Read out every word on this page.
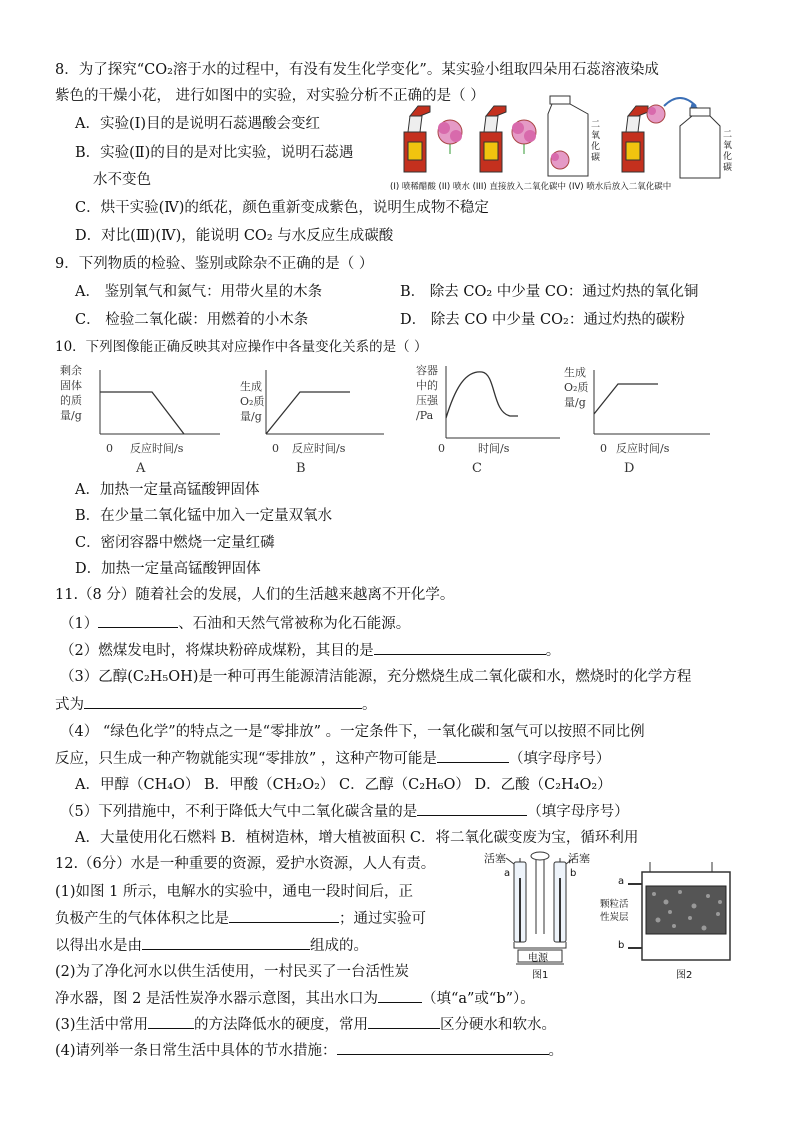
8．为了探究“CO₂溶于水的过程中，有没有发生化学变化”。某实验小组取四朵用石蕊溶液染成
紫色的干燥小花， 进行如图中的实验，对实验分析不正确的是（ ）
A．实验(Ⅰ)目的是说明石蕊遇酸会变红
B．实验(Ⅱ)的目的是对比实验，说明石蕊遇
水不变色
C．烘干实验(Ⅳ)的纸花，颜色重新变成紫色，说明生成物不稳定
D．对比(Ⅲ)(Ⅳ)，能说明 CO₂ 与水反应生成碳酸
二氧化碳
二氧化碳
(I) 喷稀醋酸 (II) 喷水 (III) 直接放入二氧化碳中 (IV) 喷水后放入二氧化碳中
9．下列物质的检验、鉴别或除杂不正确的是（ ）
A． 鉴别氧气和氮气：用带火星的木条	B． 除去 CO₂ 中少量 CO：通过灼热的氧化铜
C． 检验二氧化碳：用燃着的小木条	D． 除去 CO 中少量 CO₂：通过灼热的碳粉
10．下列图像能正确反映其对应操作中各量变化关系的是（ ）
剩余
固体
的质
量/g
0 反应时间/s
A
生成
O₂质
量/g
0 反应时间/s
B
容器
中的
压强
/Pa
0	时间/s
C
生成
O₂质
量/g
0 反应时间/s
D
A．加热一定量高锰酸钾固体
B．在少量二氧化锰中加入一定量双氧水
C．密闭容器中燃烧一定量红磷
D．加热一定量高锰酸钾固体
11.（8 分）随着社会的发展，人们的生活越来越离不开化学。
（1）	、石油和天然气常被称为化石能源。
（2）燃煤发电时，将煤块粉碎成煤粉，其目的是	。
（3）乙醇(C₂H₅OH)是一种可再生能源清洁能源，充分燃烧生成二氧化碳和水，燃烧时的化学方程
式为	。
（4） “绿色化学”的特点之一是“零排放” 。一定条件下，一氧化碳和氢气可以按照不同比例
反应，只生成一种产物就能实现“零排放” ，这种产物可能是	（填字母序号）
A．甲醇（CH₄O） B．甲酸（CH₂O₂） C．乙醇（C₂H₆O） D．乙酸（C₂H₄O₂）
（5）下列措施中，不利于降低大气中二氧化碳含量的是	（填字母序号）
A．大量使用化石燃料 B．植树造林，增大植被面积 C．将二氧化碳变废为宝，循环利用
12.（6分）水是一种重要的资源，爱护水资源，人人有责。
(1)如图 1 所示，电解水的实验中，通电一段时间后，正
负极产生的气体体积之比是	；通过实验可
以得出水是由	组成的。
(2)为了净化河水以供生活使用，一村民买了一台活性炭
净水器，图 2 是活性炭净水器示意图，其出水口为	（填“a”或“b”）。
(3)生活中常用	的方法降低水的硬度，常用	区分硬水和软水。
(4)请列举一条日常生活中具体的节水措施：	。
活塞	活塞
a	b
电源
图1
a
b
颗粒活
性炭层
图2
